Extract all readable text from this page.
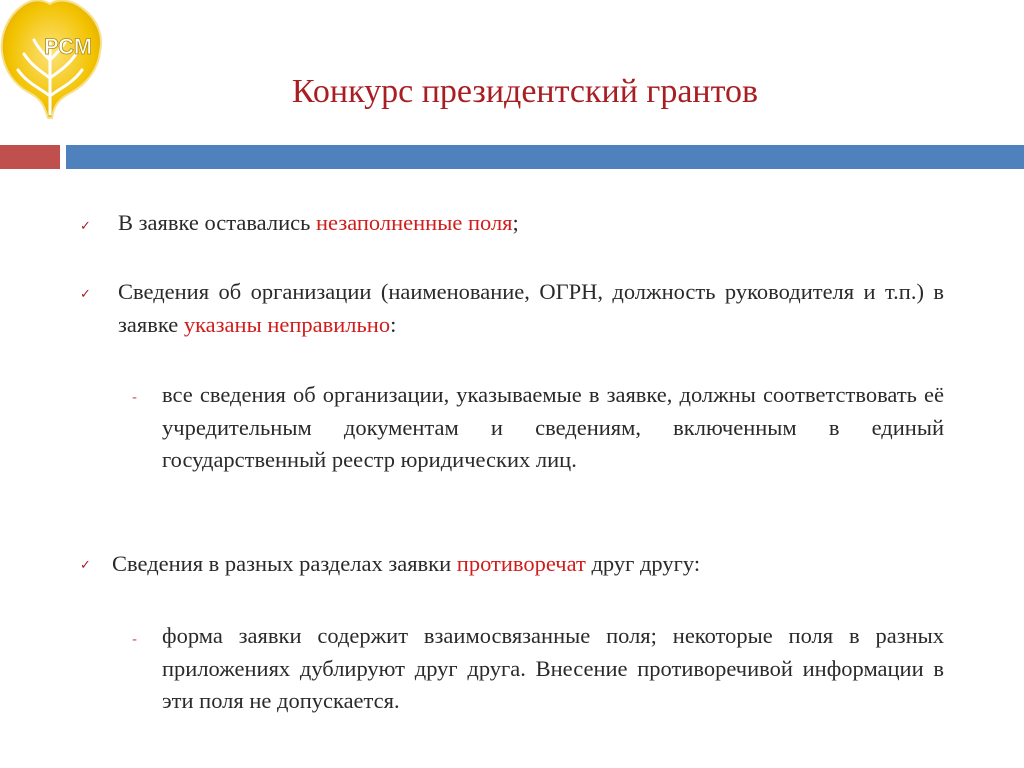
РСМ
Конкурс президентский грантов
✓ В заявке оставались незаполненные поля;

✓ Сведения об организации (наименование, ОГРН, должность руководителя и т.п.) в заявке указаны неправильно:

- все сведения об организации, указываемые в заявке, должны соответствовать её учредительным документам и сведениям, включенным в единый государственный реестр юридических лиц.

✓ Сведения в разных разделах заявки противоречат друг другу:

- форма заявки содержит взаимосвязанные поля; некоторые поля в разных приложениях дублируют друг друга. Внесение противоречивой информации в эти поля не допускается.
